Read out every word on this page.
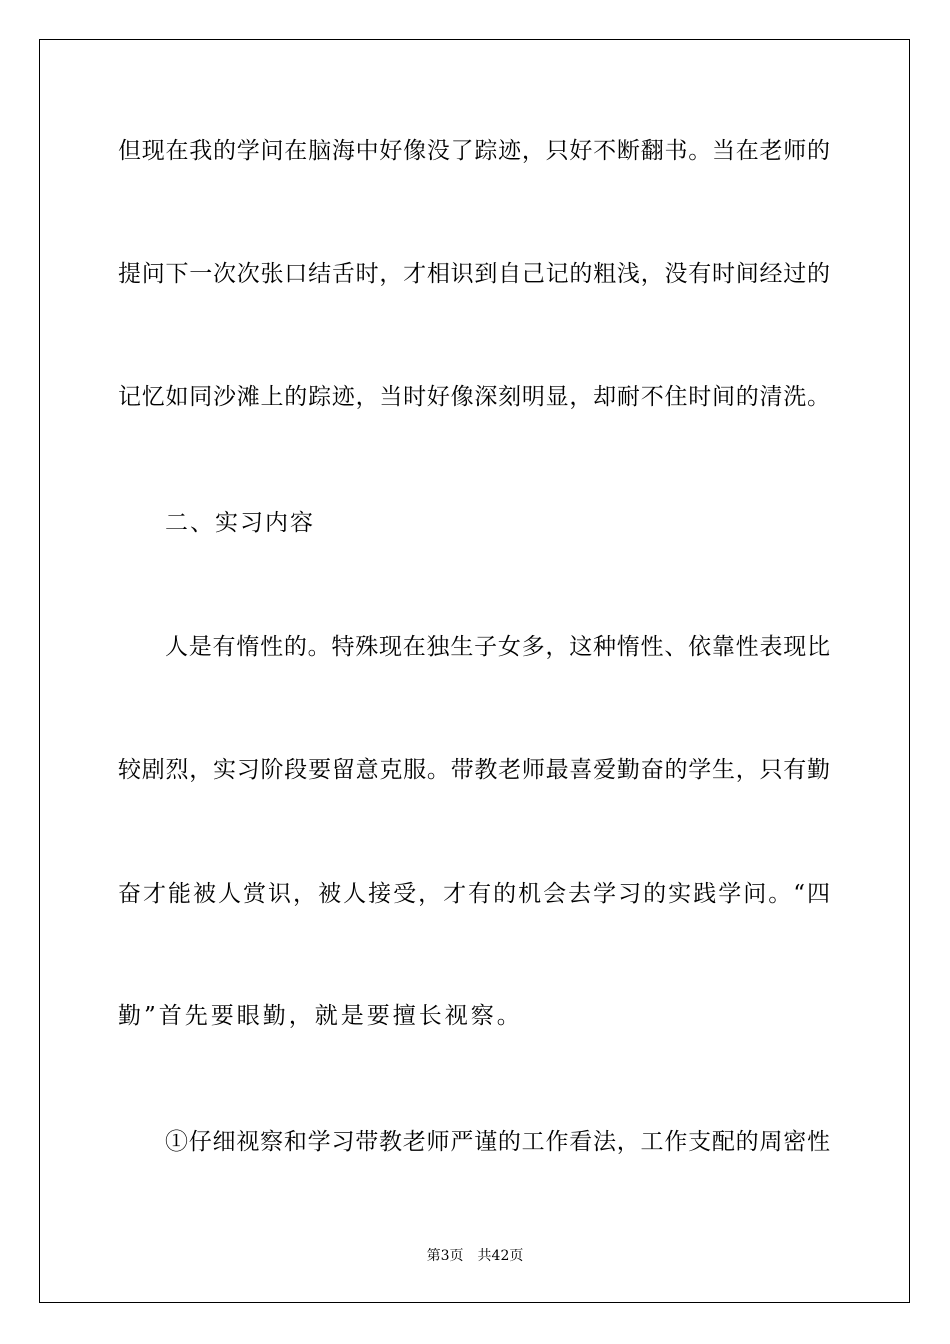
但现在我的学问在脑海中好像没了踪迹，只好不断翻书。当在老师的
提问下一次次张口结舌时，才相识到自己记的粗浅，没有时间经过的
记忆如同沙滩上的踪迹，当时好像深刻明显，却耐不住时间的清洗。
二、实习内容
人是有惰性的。特殊现在独生子女多，这种惰性、依靠性表现比
较剧烈，实习阶段要留意克服。带教老师最喜爱勤奋的学生，只有勤
奋才能被人赏识，被人接受，才有的机会去学习的实践学问。“四
勤”首先要眼勤，就是要擅长视察。
①仔细视察和学习带教老师严谨的工作看法，工作支配的周密性
第3页 共42页
